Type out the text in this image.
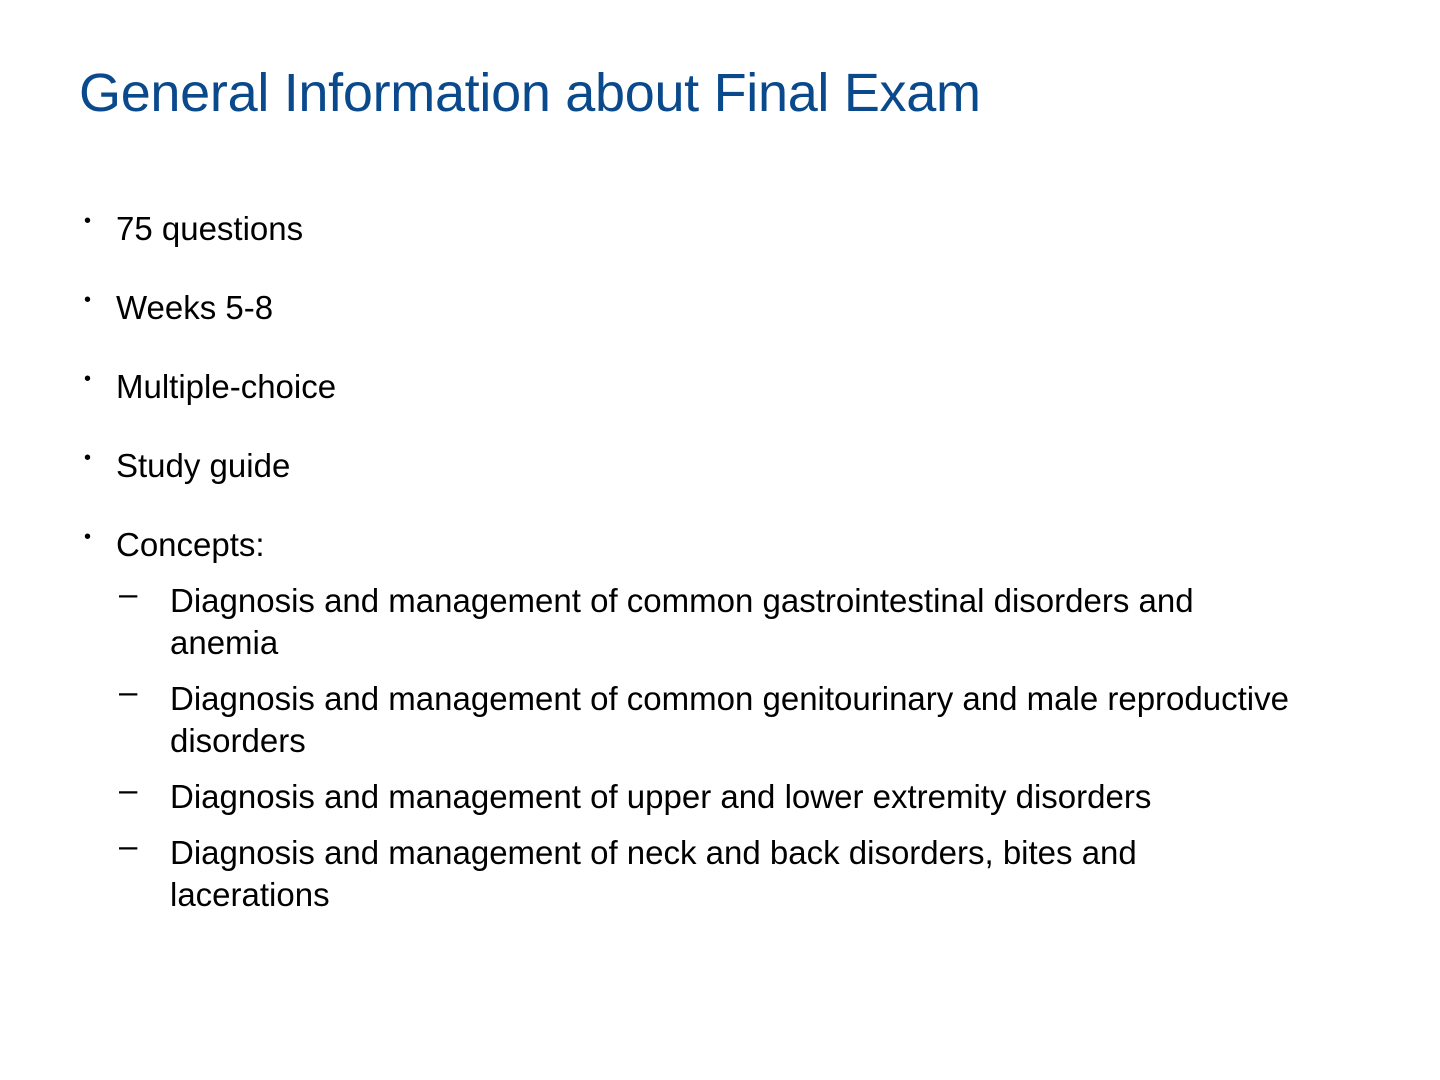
General Information about Final Exam
• 75 questions
• Weeks 5-8
• Multiple-choice
• Study guide
• Concepts:
– Diagnosis and management of common gastrointestinal disorders and anemia
– Diagnosis and management of common genitourinary and male reproductive disorders
– Diagnosis and management of upper and lower extremity disorders
– Diagnosis and management of neck and back disorders, bites and lacerations
